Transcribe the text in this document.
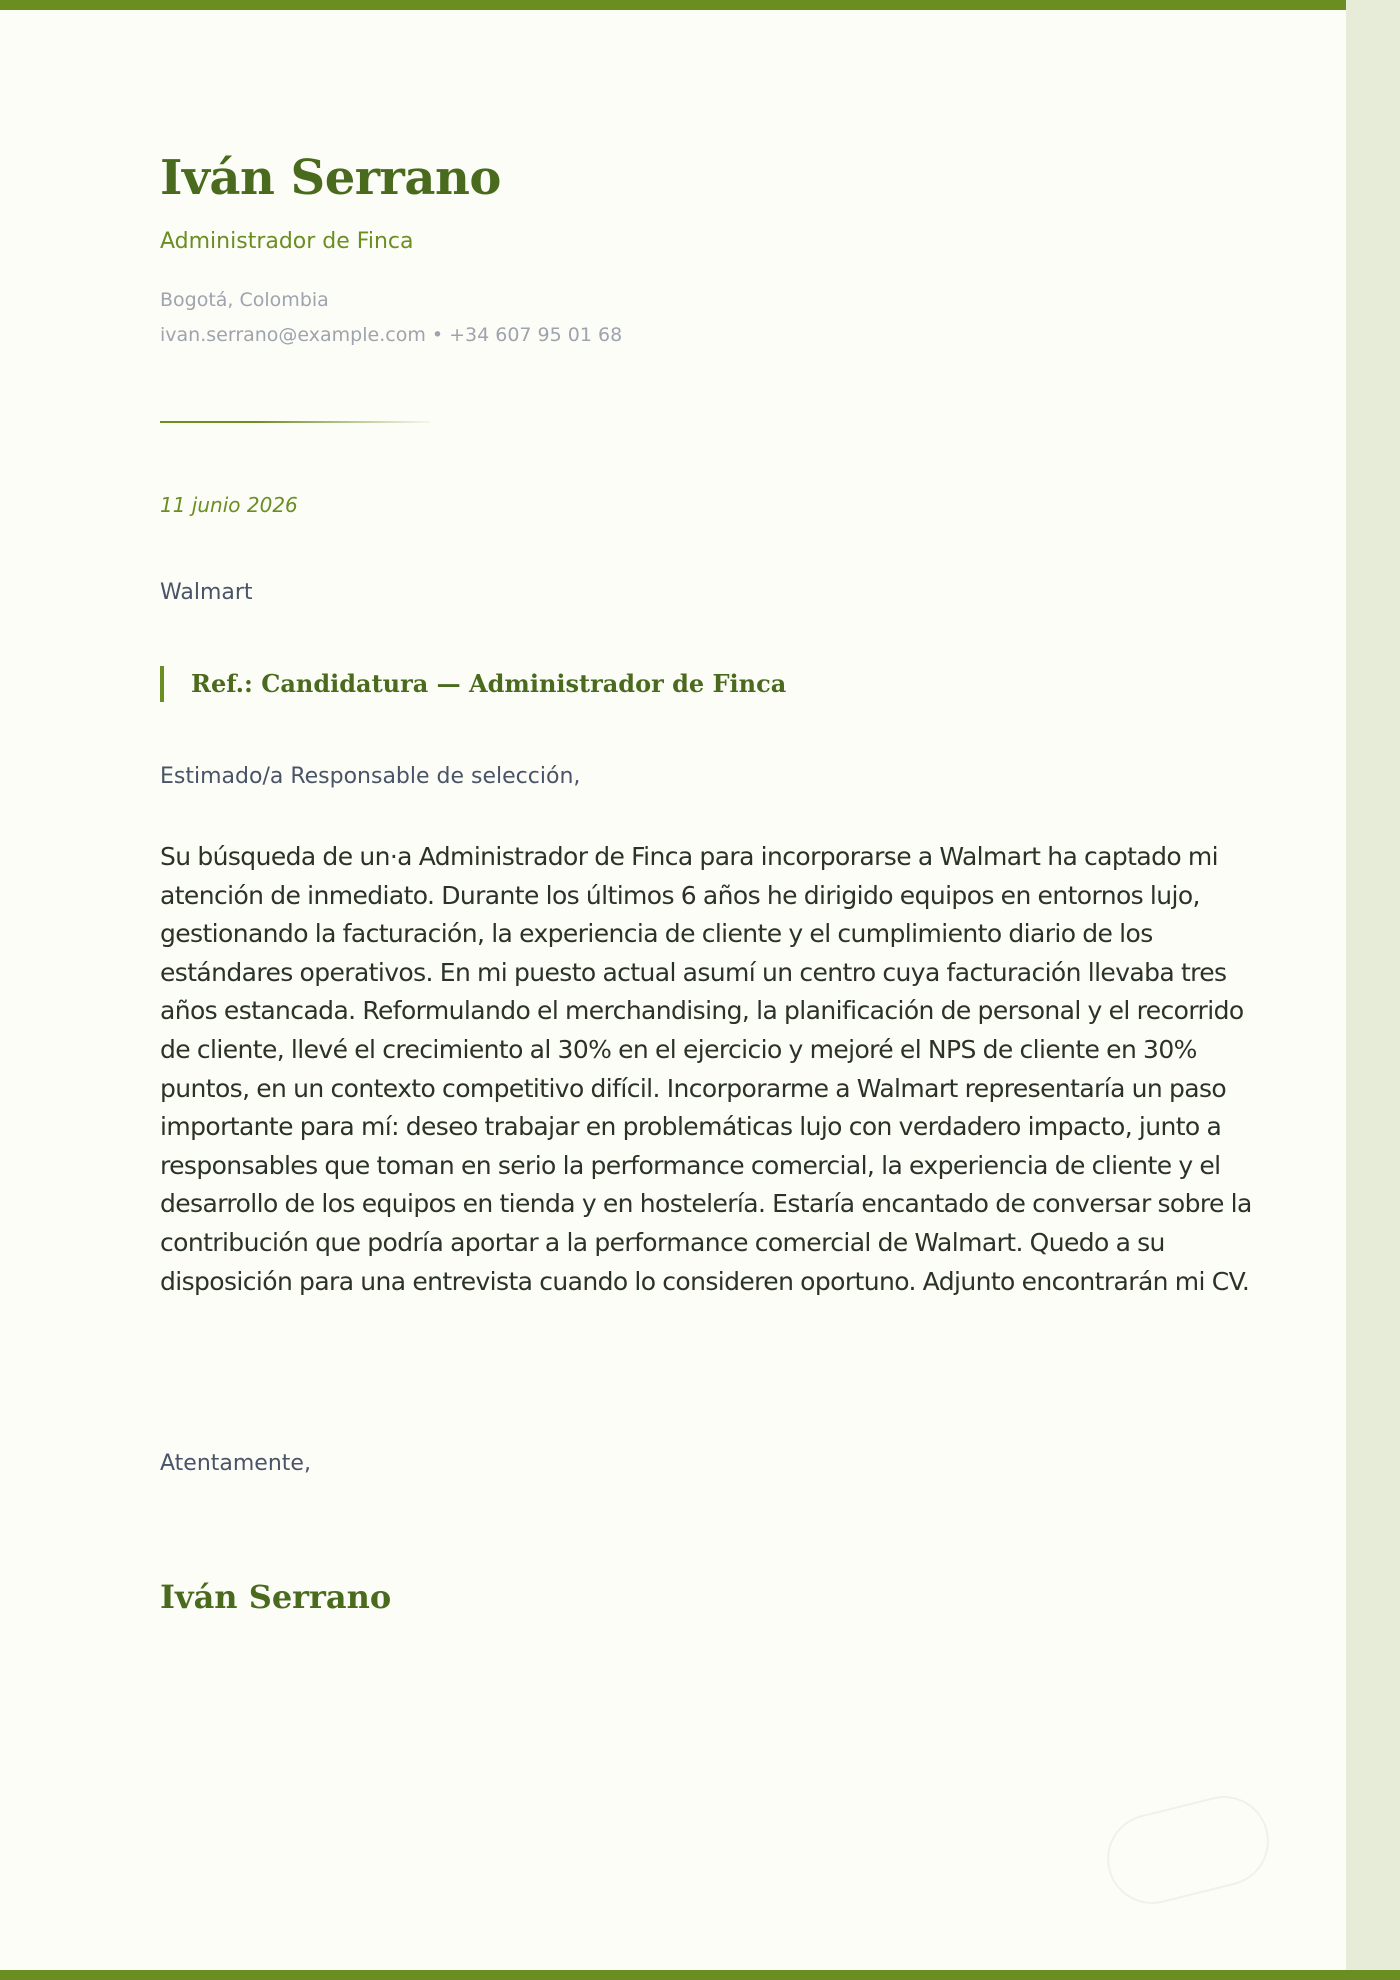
Iván Serrano
Administrador de Finca
Bogotá, Colombia
ivan.serrano@example.com • +34 607 95 01 68
11 junio 2026
Walmart
Ref.: Candidatura — Administrador de Finca
Estimado/a Responsable de selección,

Su búsqueda de un·a Administrador de Finca para incorporarse a Walmart ha captado mi atención de inmediato. Durante los últimos 6 años he dirigido equipos en entornos lujo, gestionando la facturación, la experiencia de cliente y el cumplimiento diario de los estándares operativos. En mi puesto actual asumí un centro cuya facturación llevaba tres años estancada. Reformulando el merchandising, la planificación de personal y el recorrido de cliente, llevé el crecimiento al 30% en el ejercicio y mejoré el NPS de cliente en 30% puntos, en un contexto competitivo difícil. Incorporarme a Walmart representaría un paso importante para mí: deseo trabajar en problemáticas lujo con verdadero impacto, junto a responsables que toman en serio la performance comercial, la experiencia de cliente y el desarrollo de los equipos en tienda y en hostelería. Estaría encantado de conversar sobre la contribución que podría aportar a la performance comercial de Walmart. Quedo a su disposición para una entrevista cuando lo consideren oportuno. Adjunto encontrarán mi CV.

Atentamente,
Iván Serrano
